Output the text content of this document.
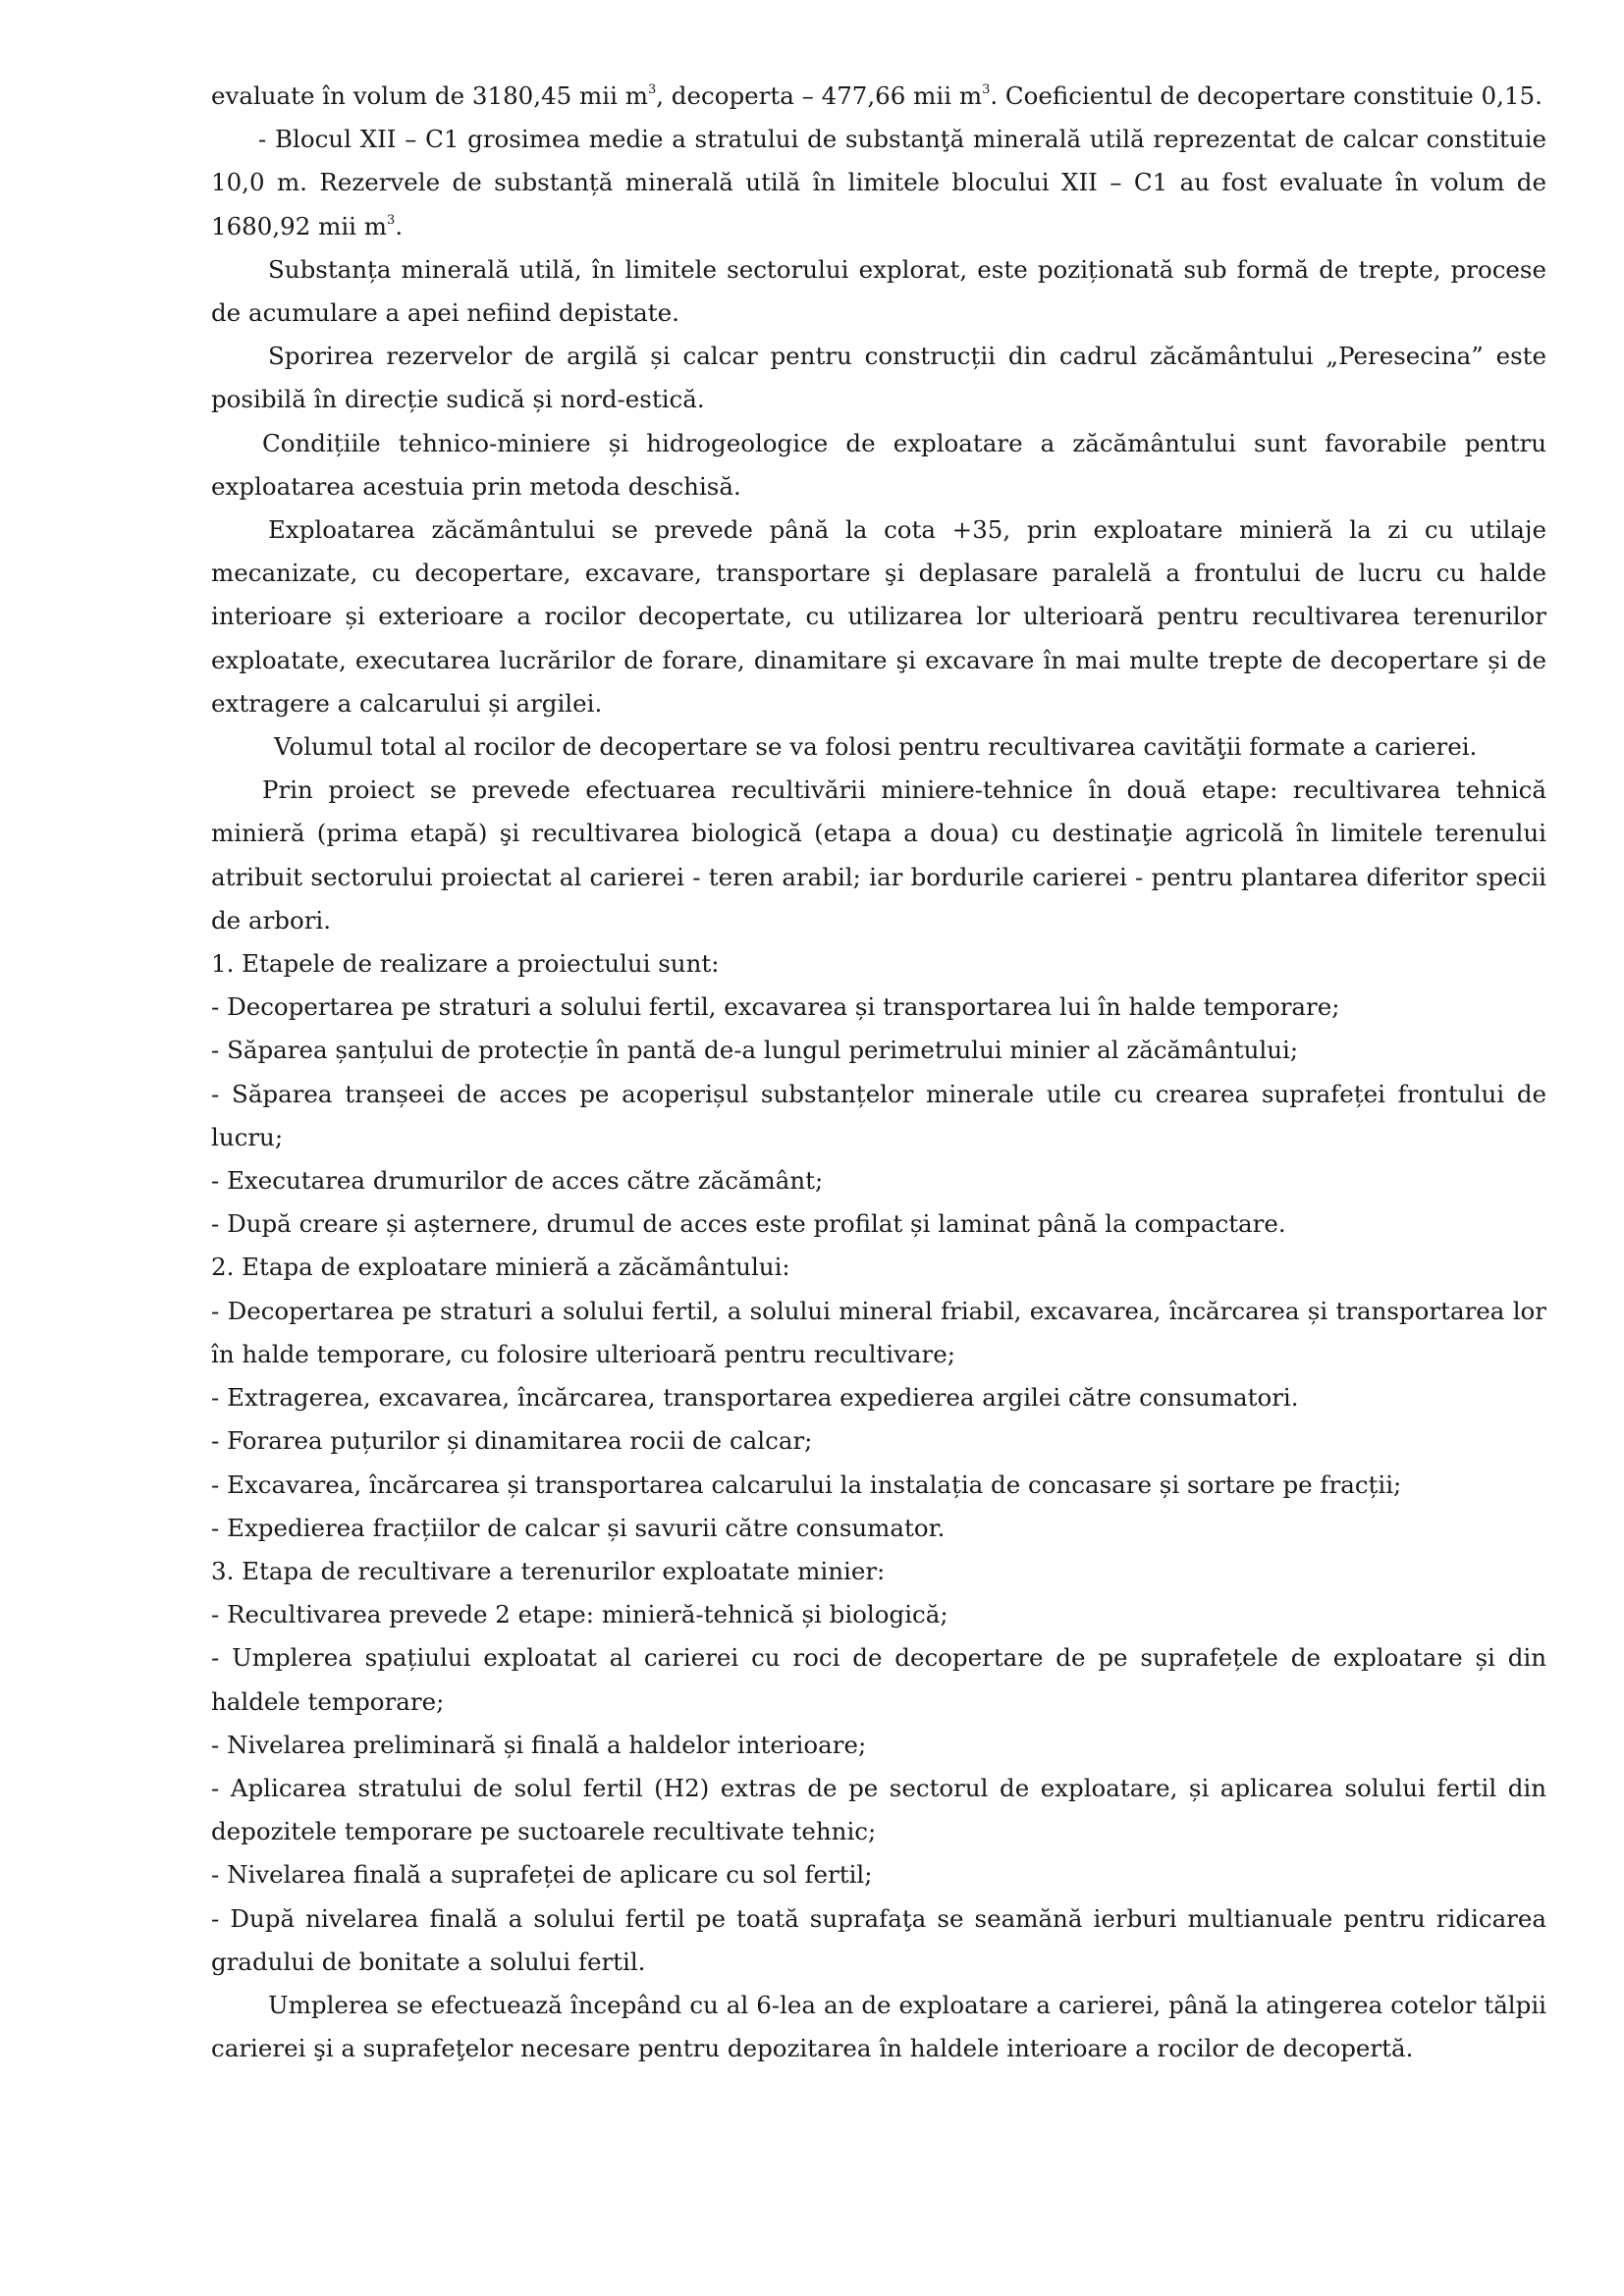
evaluate în volum de 3180,45 mii $m^3$, decoperta – 477,66 mii $m^3$. Coeficientul de decopertare constituie 0,15.

- Blocul XII – C1 grosimea medie a stratului de substanţă minerală utilă reprezentat de calcar constituie 10,0 m. Rezervele de substanță minerală utilă în limitele blocului XII – C1 au fost evaluate în volum de 1680,92 mii $m^3$.

Substanța minerală utilă, în limitele sectorului explorat, este poziționată sub formă de trepte, procese de acumulare a apei nefiind depistate.

Sporirea rezervelor de argilă și calcar pentru construcții din cadrul zăcământului „Peresecina” este posibilă în direcție sudică și nord-estică.

Condițiile tehnico-miniere și hidrogeologice de exploatare a zăcământului sunt favorabile pentru exploatarea acestuia prin metoda deschisă.

Exploatarea zăcământului se prevede până la cota +35, prin exploatare minieră la zi cu utilaje mecanizate, cu decopertare, excavare, transportare şi deplasare paralelă a frontului de lucru cu halde interioare și exterioare a rocilor decopertate, cu utilizarea lor ulterioară pentru recultivarea terenurilor exploatate, executarea lucrărilor de forare, dinamitare şi excavare în mai multe trepte de decopertare și de extragere a calcarului și argilei.

Volumul total al rocilor de decopertare se va folosi pentru recultivarea cavităţii formate a carierei.

Prin proiect se prevede efectuarea recultivării miniere-tehnice în două etape: recultivarea tehnică minieră (prima etapă) şi recultivarea biologică (etapa a doua) cu destinaţie agricolă în limitele terenului atribuit sectorului proiectat al carierei - teren arabil; iar bordurile carierei - pentru plantarea diferitor specii de arbori.

1. Etapele de realizare a proiectului sunt:

- Decopertarea pe straturi a solului fertil, excavarea și transportarea lui în halde temporare;

- Săparea șanțului de protecție în pantă de-a lungul perimetrului minier al zăcământului;

- Săparea tranșeei de acces pe acoperișul substanțelor minerale utile cu crearea suprafeței frontului de lucru;

- Executarea drumurilor de acces către zăcământ;

- După creare și așternere, drumul de acces este profilat și laminat până la compactare.

2. Etapa de exploatare minieră a zăcământului:

- Decopertarea pe straturi a solului fertil, a solului mineral friabil, excavarea, încărcarea și transportarea lor în halde temporare, cu folosire ulterioară pentru recultivare;

- Extragerea, excavarea, încărcarea, transportarea expedierea argilei către consumatori.

- Forarea puțurilor și dinamitarea rocii de calcar;

- Excavarea, încărcarea și transportarea calcarului la instalația de concasare și sortare pe fracții;

- Expedierea fracțiilor de calcar și savurii către consumator.

3. Etapa de recultivare a terenurilor exploatate minier:

- Recultivarea prevede 2 etape: minieră-tehnică și biologică;

- Umplerea spațiului exploatat al carierei cu roci de decopertare de pe suprafețele de exploatare și din haldele temporare;

- Nivelarea preliminară și finală a haldelor interioare;

- Aplicarea stratului de solul fertil (H2) extras de pe sectorul de exploatare, și aplicarea solului fertil din depozitele temporare pe suctoarele recultivate tehnic;

- Nivelarea finală a suprafeței de aplicare cu sol fertil;

- După nivelarea finală a solului fertil pe toată suprafaţa se seamănă ierburi multianuale pentru ridicarea gradului de bonitate a solului fertil.

Umplerea se efectuează începând cu al 6-lea an de exploatare a carierei, până la atingerea cotelor tălpii carierei şi a suprafeţelor necesare pentru depozitarea în haldele interioare a rocilor de decopertă.
